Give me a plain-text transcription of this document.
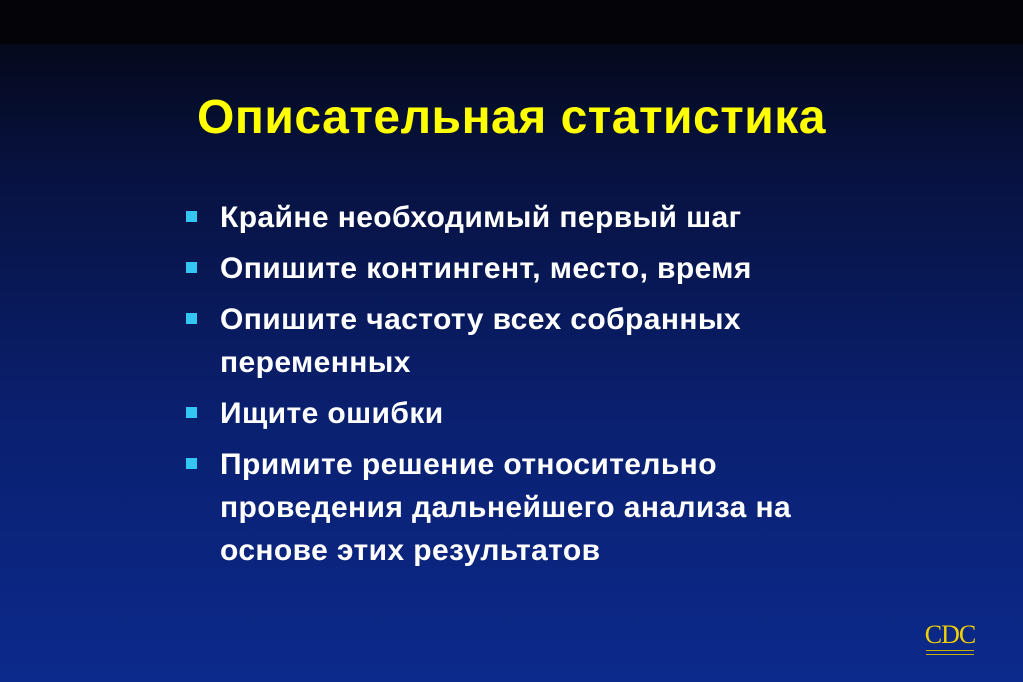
Описательная статистика
Крайне необходимый первый шаг
Опишите контингент, место, время
Опишите частоту всех собранных переменных
Ищите ошибки
Примите решение относительно проведения дальнейшего анализа на основе этих результатов
CDC
